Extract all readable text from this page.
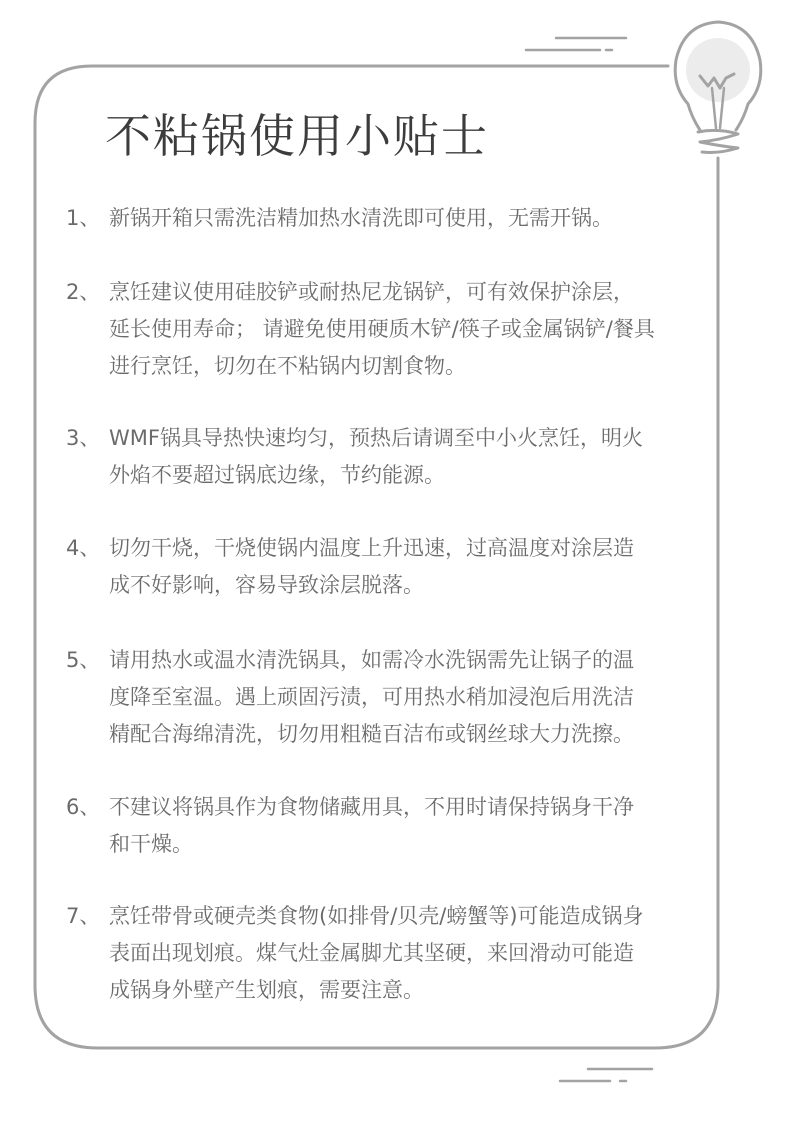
不粘锅使用小贴士
1、 新锅开箱只需洗洁精加热水清洗即可使用，无需开锅。
2、 烹饪建议使用硅胶铲或耐热尼龙锅铲，可有效保护涂层，
延长使用寿命； 请避免使用硬质木铲/筷子或金属锅铲/餐具
进行烹饪，切勿在不粘锅内切割食物。
3、 WMF锅具导热快速均匀，预热后请调至中小火烹饪，明火
外焰不要超过锅底边缘，节约能源。
4、 切勿干烧，干烧使锅内温度上升迅速，过高温度对涂层造
成不好影响，容易导致涂层脱落。
5、 请用热水或温水清洗锅具，如需冷水洗锅需先让锅子的温
度降至室温。遇上顽固污渍，可用热水稍加浸泡后用洗洁
精配合海绵清洗，切勿用粗糙百洁布或钢丝球大力洗擦。
6、 不建议将锅具作为食物储藏用具，不用时请保持锅身干净
和干燥。
7、 烹饪带骨或硬壳类食物(如排骨/贝壳/螃蟹等)可能造成锅身
表面出现划痕。煤气灶金属脚尤其坚硬，来回滑动可能造
成锅身外壁产生划痕，需要注意。
